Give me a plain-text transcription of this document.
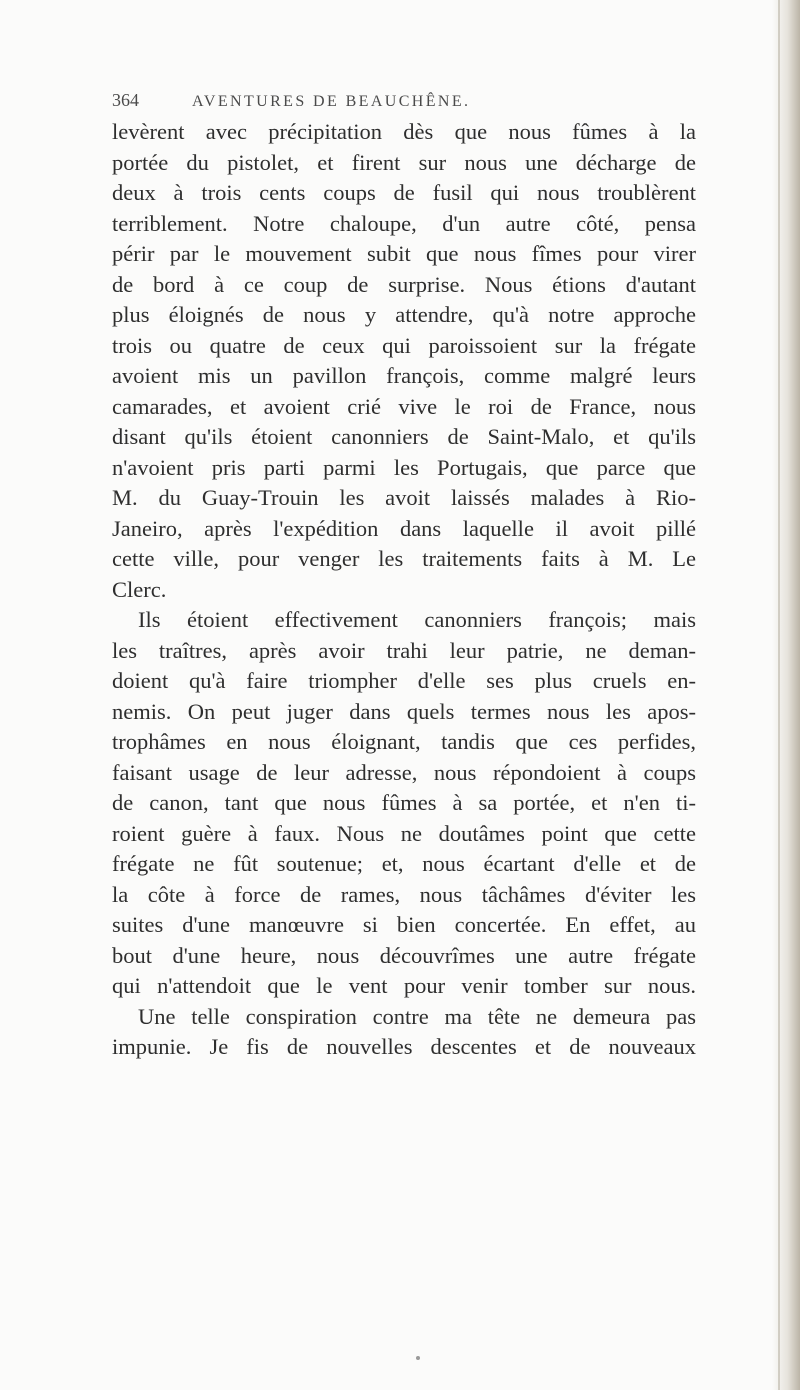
364	AVENTURES DE BEAUCHÊNE.
levèrent avec précipitation dès que nous fûmes à la
portée du pistolet, et firent sur nous une décharge de
deux à trois cents coups de fusil qui nous troublèrent
terriblement. Notre chaloupe, d'un autre côté, pensa
périr par le mouvement subit que nous fîmes pour virer
de bord à ce coup de surprise. Nous étions d'autant
plus éloignés de nous y attendre, qu'à notre approche
trois ou quatre de ceux qui paroissoient sur la frégate
avoient mis un pavillon françois, comme malgré leurs
camarades, et avoient crié vive le roi de France, nous
disant qu'ils étoient canonniers de Saint-Malo, et qu'ils
n'avoient pris parti parmi les Portugais, que parce que
M. du Guay-Trouin les avoit laissés malades à Rio-
Janeiro, après l'expédition dans laquelle il avoit pillé
cette ville, pour venger les traitements faits à M. Le
Clerc.
Ils étoient effectivement canonniers françois; mais
les traîtres, après avoir trahi leur patrie, ne deman-
doient qu'à faire triompher d'elle ses plus cruels en-
nemis. On peut juger dans quels termes nous les apos-
trophâmes en nous éloignant, tandis que ces perfides,
faisant usage de leur adresse, nous répondoient à coups
de canon, tant que nous fûmes à sa portée, et n'en ti-
roient guère à faux. Nous ne doutâmes point que cette
frégate ne fût soutenue; et, nous écartant d'elle et de
la côte à force de rames, nous tâchâmes d'éviter les
suites d'une manœuvre si bien concertée. En effet, au
bout d'une heure, nous découvrîmes une autre frégate
qui n'attendoit que le vent pour venir tomber sur nous.
Une telle conspiration contre ma tête ne demeura pas
impunie. Je fis de nouvelles descentes et de nouveaux
